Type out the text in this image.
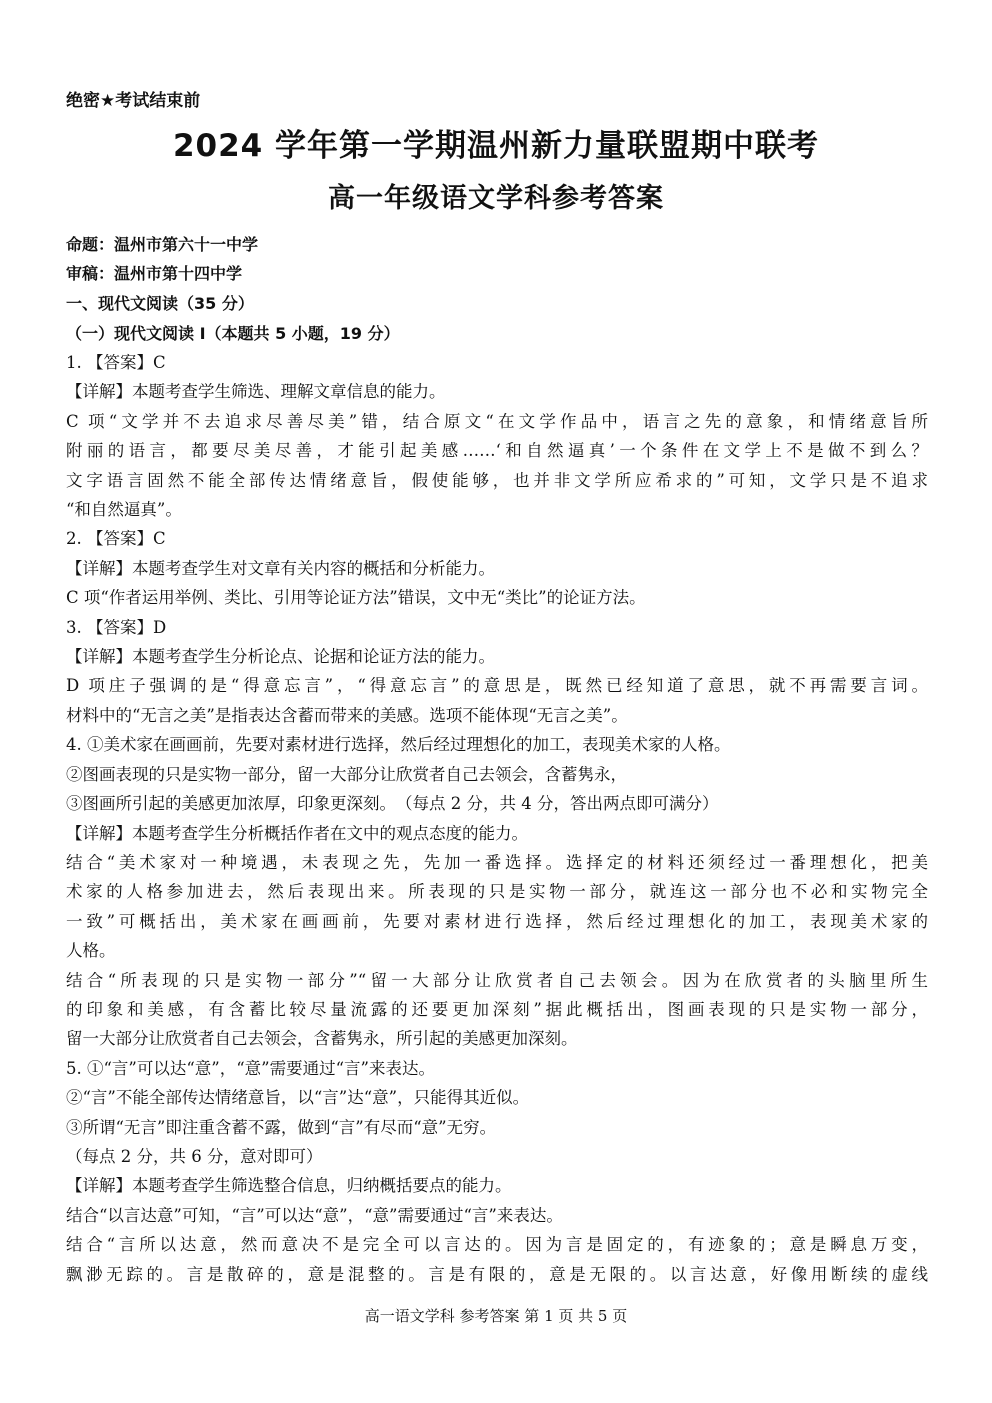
绝密★考试结束前
2024 学年第一学期温州新力量联盟期中联考
高一年级语文学科参考答案
命题：温州市第六十一中学
审稿：温州市第十四中学
一、现代文阅读（35 分）
（一）现代文阅读 I（本题共 5 小题，19 分）

1. 【答案】C

【详解】本题考查学生筛选、理解文章信息的能力。

C 项“文学并不去追求尽善尽美”错，结合原文“在文学作品中，语言之先的意象，和情绪意旨所

附丽的语言，都要尽美尽善，才能引起美感……‘和自然逼真’一个条件在文学上不是做不到么？

文字语言固然不能全部传达情绪意旨，假使能够，也并非文学所应希求的”可知，文学只是不追求

“和自然逼真”。

2. 【答案】C

【详解】本题考查学生对文章有关内容的概括和分析能力。

C 项“作者运用举例、类比、引用等论证方法”错误，文中无“类比”的论证方法。

3. 【答案】D

【详解】本题考查学生分析论点、论据和论证方法的能力。

D 项庄子强调的是“得意忘言”，“得意忘言”的意思是，既然已经知道了意思，就不再需要言词。

材料中的“无言之美”是指表达含蓄而带来的美感。选项不能体现“无言之美”。

4. ①美术家在画画前，先要对素材进行选择，然后经过理想化的加工，表现美术家的人格。

②图画表现的只是实物一部分，留一大部分让欣赏者自己去领会，含蓄隽永，

③图画所引起的美感更加浓厚，印象更深刻。　（每点 2 分，共 4 分，答出两点即可满分）

【详解】本题考查学生分析概括作者在文中的观点态度的能力。

结合“美术家对一种境遇，未表现之先，先加一番选择。选择定的材料还须经过一番理想化，把美

术家的人格参加进去，然后表现出来。所表现的只是实物一部分，就连这一部分也不必和实物完全

一致”可概括出，美术家在画画前，先要对素材进行选择，然后经过理想化的加工，表现美术家的

人格。

结合“所表现的只是实物一部分”“留一大部分让欣赏者自己去领会。因为在欣赏者的头脑里所生

的印象和美感，有含蓄比较尽量流露的还要更加深刻”据此概括出，图画表现的只是实物一部分，

留一大部分让欣赏者自己去领会，含蓄隽永，所引起的美感更加深刻。

5. ①“言”可以达“意”，“意”需要通过“言”来表达。

②“言”不能全部传达情绪意旨，以“言”达“意”，只能得其近似。

③所谓“无言”即注重含蓄不露，做到“言”有尽而“意”无穷。

（每点 2 分，共 6 分，意对即可）

【详解】本题考查学生筛选整合信息，归纳概括要点的能力。

结合“以言达意”可知，“言”可以达“意”，“意”需要通过“言”来表达。

结合“言所以达意，然而意决不是完全可以言达的。因为言是固定的，有迹象的；意是瞬息万变，

飘渺无踪的。言是散碎的，意是混整的。言是有限的，意是无限的。以言达意，好像用断续的虚线

高一语文学科 参考答案 第 1 页 共 5 页
